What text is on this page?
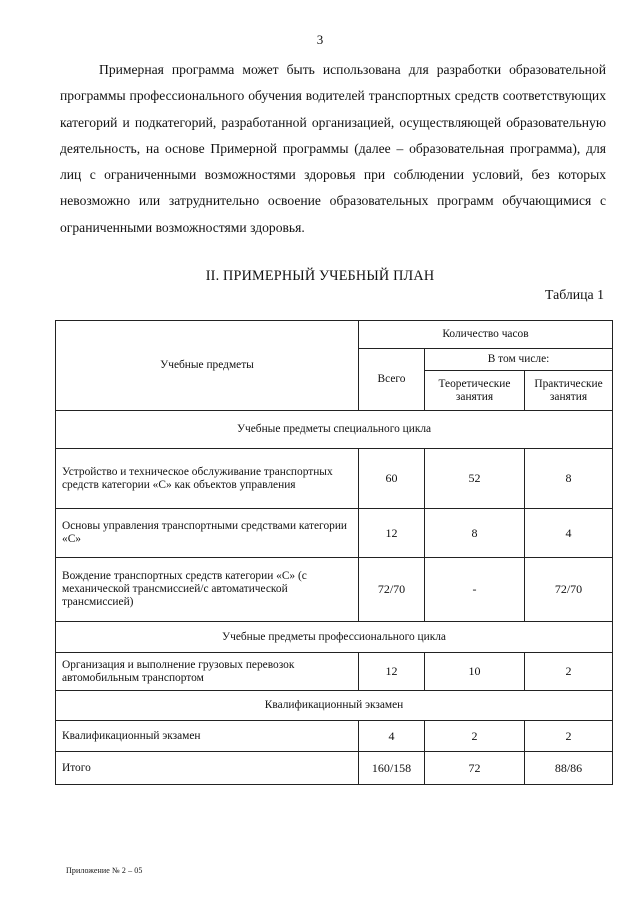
3

Примерная программа может быть использована для разработки образовательной программы профессионального обучения водителей транспортных средств соответствующих категорий и подкатегорий, разработанной организацией, осуществляющей образовательную деятельность, на основе Примерной программы (далее – образовательная программа), для лиц с ограниченными возможностями здоровья при соблюдении условий, без которых невозможно или затруднительно освоение образовательных программ обучающимися с ограниченными возможностями здоровья.

II. ПРИМЕРНЫЙ УЧЕБНЫЙ ПЛАН
Таблица 1
Учебные предметы	Количество часов		
	Всего	В том числе:	
		Теоретические занятия	Практические занятия
Учебные предметы специального цикла			
Устройство и техническое обслуживание транспортных средств категории «С» как объектов управления	60	52	8
Основы управления транспортными средствами категории «С»	12	8	4
Вождение транспортных средств категории «С» (с механической трансмиссией/с автоматической трансмиссией)	72/70	-	72/70
Учебные предметы профессионального цикла			
Организация и выполнение грузовых перевозок автомобильным транспортом	12	10	2
Квалификационный экзамен			
Квалификационный экзамен	4	2	2
Итого	160/158	72	88/86
Приложение № 2 – 05
